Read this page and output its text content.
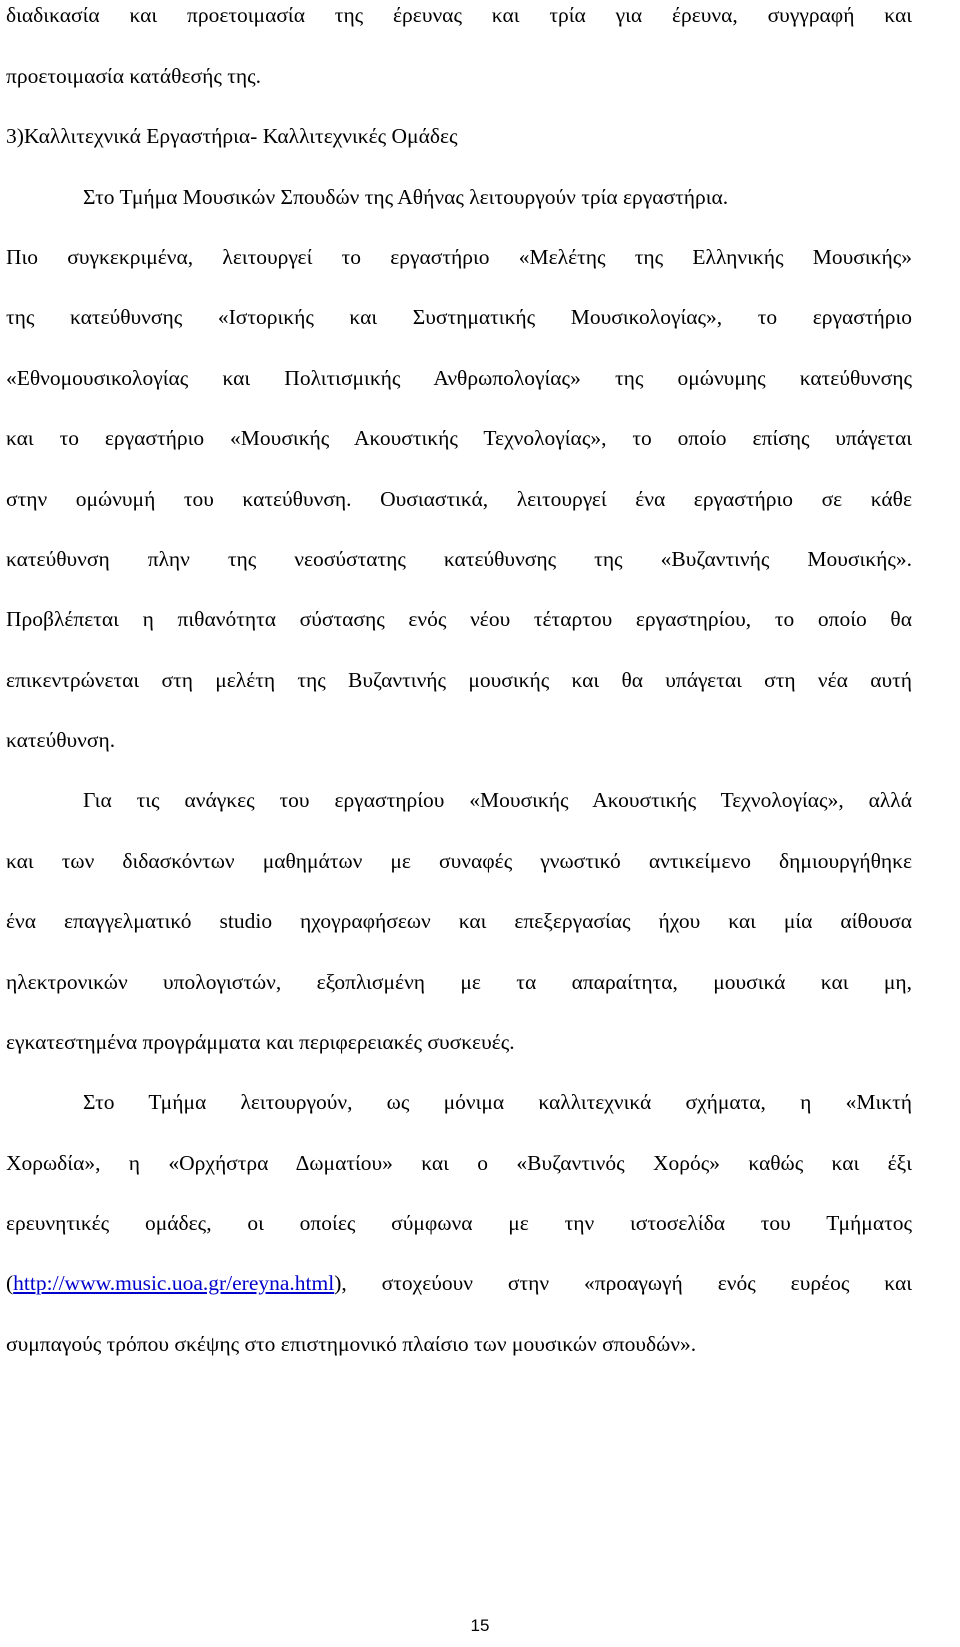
διαδικασία και προετοιμασία της έρευνας και τρία για έρευνα, συγγραφή και
προετοιμασία κατάθεσής της.
3)Καλλιτεχνικά Εργαστήρια- Καλλιτεχνικές Ομάδες
Στο Τμήμα Μουσικών Σπουδών της Αθήνας λειτουργούν τρία εργαστήρια.
Πιο συγκεκριμένα, λειτουργεί το εργαστήριο «Μελέτης της Ελληνικής Μουσικής»
της κατεύθυνσης «Ιστορικής και Συστηματικής Μουσικολογίας», το εργαστήριο
«Εθνομουσικολογίας και Πολιτισμικής Ανθρωπολογίας» της ομώνυμης κατεύθυνσης
και το εργαστήριο «Μουσικής Ακουστικής Τεχνολογίας», το οποίο επίσης υπάγεται
στην ομώνυμή του κατεύθυνση. Ουσιαστικά, λειτουργεί ένα εργαστήριο σε κάθε
κατεύθυνση πλην της νεοσύστατης κατεύθυνσης της «Βυζαντινής Μουσικής».
Προβλέπεται η πιθανότητα σύστασης ενός νέου τέταρτου εργαστηρίου, το οποίο θα
επικεντρώνεται στη μελέτη της Βυζαντινής μουσικής και θα υπάγεται στη νέα αυτή
κατεύθυνση.
Για τις ανάγκες του εργαστηρίου «Μουσικής Ακουστικής Τεχνολογίας», αλλά
και των διδασκόντων μαθημάτων με συναφές γνωστικό αντικείμενο δημιουργήθηκε
ένα επαγγελματικό studio ηχογραφήσεων και επεξεργασίας ήχου και μία αίθουσα
ηλεκτρονικών υπολογιστών, εξοπλισμένη με τα απαραίτητα, μουσικά και μη,
εγκατεστημένα προγράμματα και περιφερειακές συσκευές.
Στο Τμήμα λειτουργούν, ως μόνιμα καλλιτεχνικά σχήματα, η «Μικτή
Χορωδία», η «Ορχήστρα Δωματίου» και ο «Βυζαντινός Χορός» καθώς και έξι
ερευνητικές ομάδες, οι οποίες σύμφωνα με την ιστοσελίδα του Τμήματος
(http://www.music.uoa.gr/ereyna.html), στοχεύουν στην «προαγωγή ενός ευρέος και
συμπαγούς τρόπου σκέψης στο επιστημονικό πλαίσιο των μουσικών σπουδών».
15
